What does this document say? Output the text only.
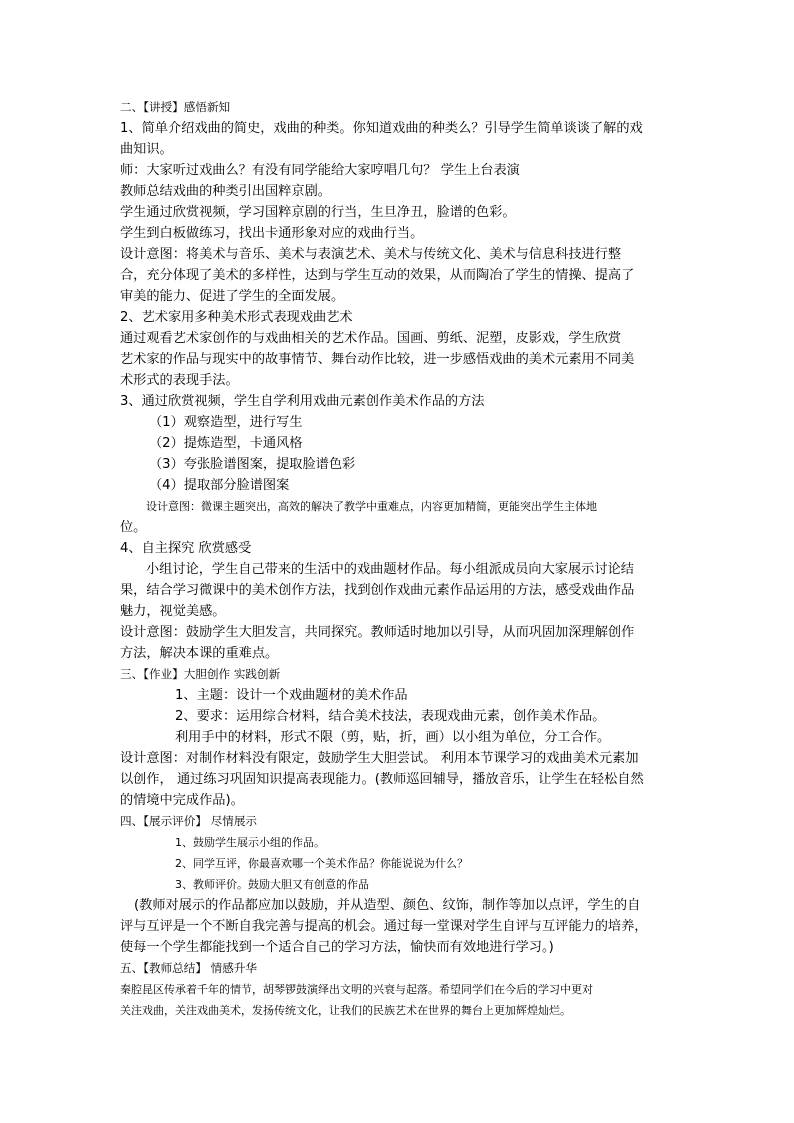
二、【讲授】感悟新知
1、简单介绍戏曲的简史，戏曲的种类。你知道戏曲的种类么？引导学生简单谈谈了解的戏
曲知识。
师：大家听过戏曲么？有没有同学能给大家哼唱几句？ 学生上台表演
教师总结戏曲的种类引出国粹京剧。
学生通过欣赏视频，学习国粹京剧的行当，生旦净丑，脸谱的色彩。
学生到白板做练习，找出卡通形象对应的戏曲行当。
设计意图：将美术与音乐、美术与表演艺术、美术与传统文化、美术与信息科技进行整
合，充分体现了美术的多样性，达到与学生互动的效果，从而陶冶了学生的情操、提高了
审美的能力、促进了学生的全面发展。
2、艺术家用多种美术形式表现戏曲艺术
通过观看艺术家创作的与戏曲相关的艺术作品。国画、剪纸、泥塑，皮影戏，学生欣赏
艺术家的作品与现实中的故事情节、舞台动作比较，进一步感悟戏曲的美术元素用不同美
术形式的表现手法。
3、通过欣赏视频，学生自学利用戏曲元素创作美术作品的方法
（1）观察造型，进行写生
（2）提炼造型，卡通风格
（3）夸张脸谱图案，提取脸谱色彩
（4）提取部分脸谱图案
设计意图：微课主题突出，高效的解决了教学中重难点，内容更加精简，更能突出学生主体地
位。
4、自主探究 欣赏感受
小组讨论，学生自己带来的生活中的戏曲题材作品。每小组派成员向大家展示讨论结
果，结合学习微课中的美术创作方法，找到创作戏曲元素作品运用的方法，感受戏曲作品
魅力，视觉美感。
设计意图：鼓励学生大胆发言，共同探究。教师适时地加以引导，从而巩固加深理解创作
方法，解决本课的重难点。
三、【作业】大胆创作 实践创新
1、主题：设计一个戏曲题材的美术作品
2、要求：运用综合材料，结合美术技法，表现戏曲元素，创作美术作品。
利用手中的材料，形式不限（剪，贴，折，画）以小组为单位，分工合作。
设计意图：对制作材料没有限定，鼓励学生大胆尝试。 利用本节课学习的戏曲美术元素加
以创作， 通过练习巩固知识提高表现能力。(教师巡回辅导，播放音乐，让学生在轻松自然
的情境中完成作品)。
四、【展示评价】 尽情展示
1、鼓励学生展示小组的作品。
2、同学互评，你最喜欢哪一个美术作品？你能说说为什么？
3、教师评价。鼓励大胆又有创意的作品
(教师对展示的作品都应加以鼓励，并从造型、颜色、纹饰，制作等加以点评，学生的自
评与互评是一个不断自我完善与提高的机会。通过每一堂课对学生自评与互评能力的培养，
使每一个学生都能找到一个适合自己的学习方法，愉快而有效地进行学习。)
五、【教师总结】 情感升华
秦腔昆区传承着千年的情节，胡琴锣鼓演绎出文明的兴衰与起落。希望同学们在今后的学习中更对
关注戏曲，关注戏曲美术，发扬传统文化，让我们的民族艺术在世界的舞台上更加辉煌灿烂。
